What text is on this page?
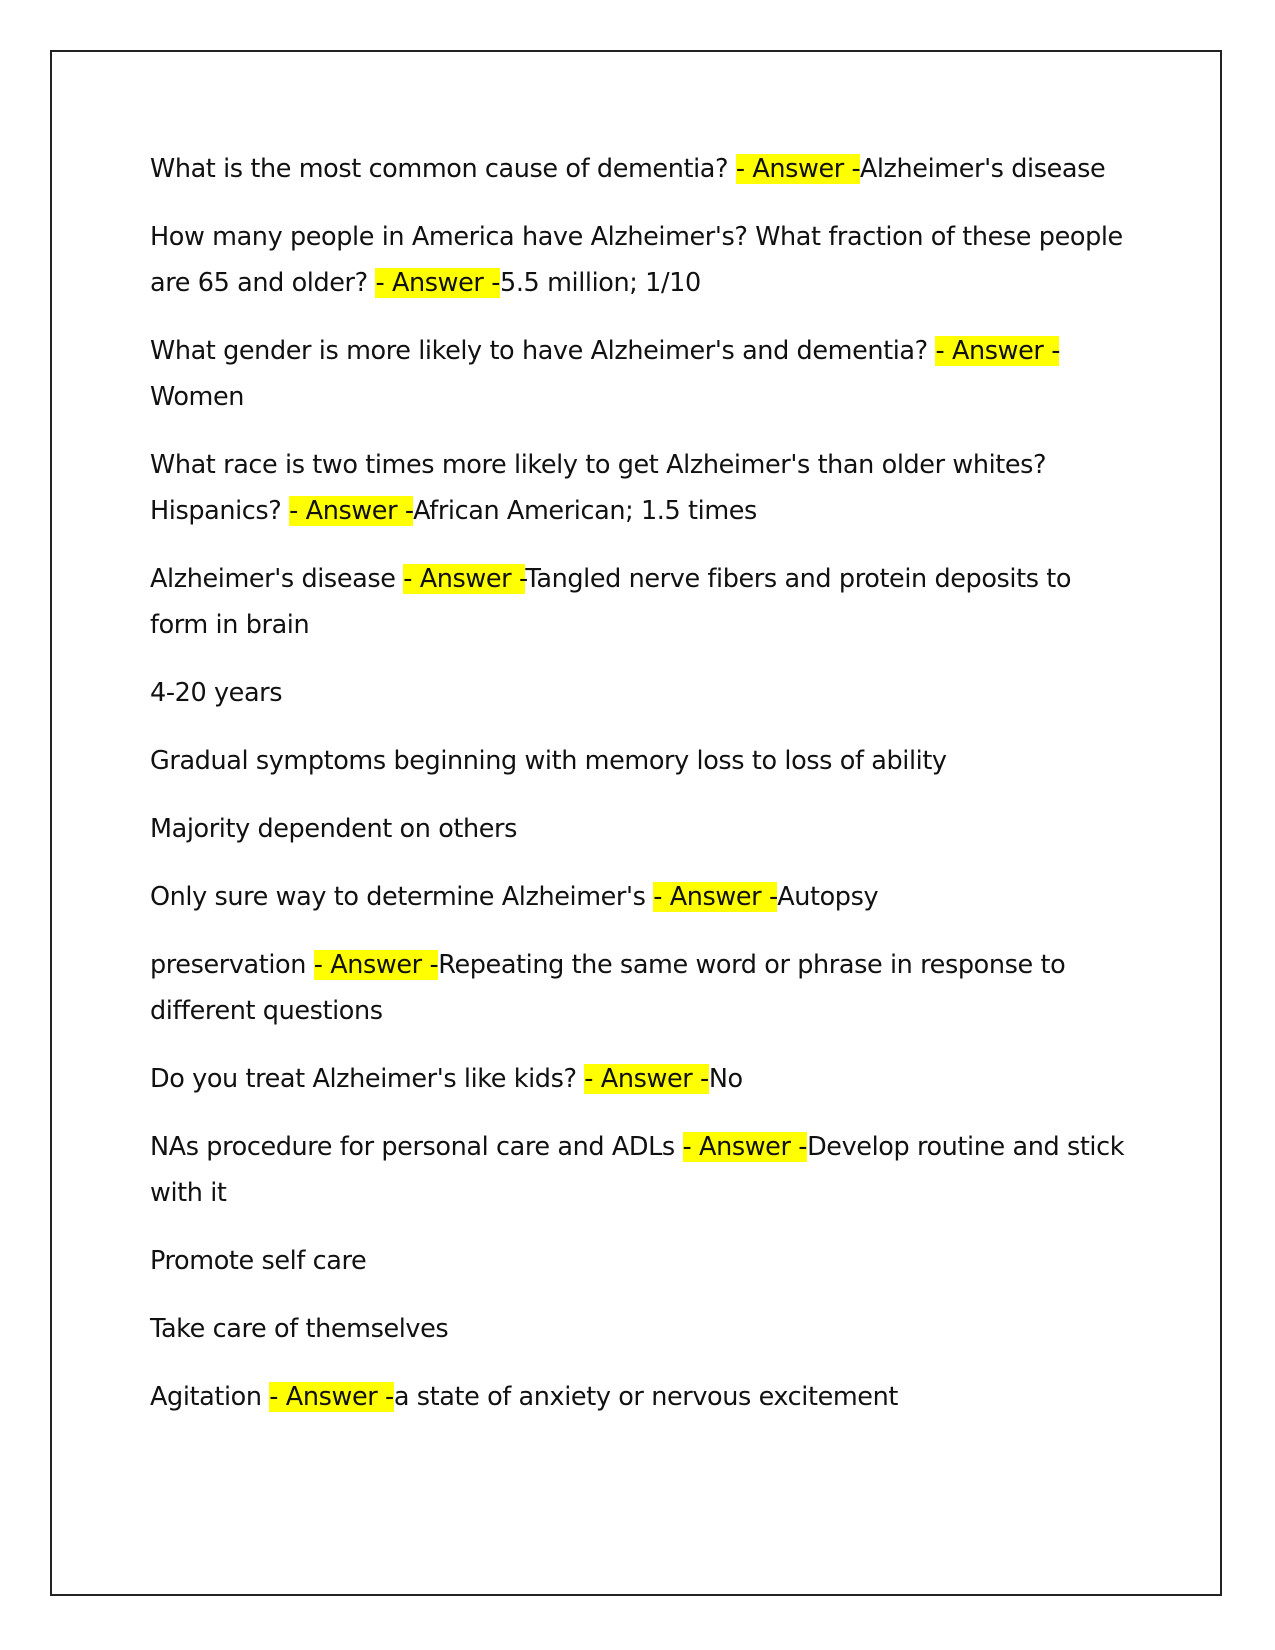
What is the most common cause of dementia? - Answer -Alzheimer's disease

How many people in America have Alzheimer's? What fraction of these people are 65 and older? - Answer -5.5 million; 1/10

What gender is more likely to have Alzheimer's and dementia? - Answer -Women

What race is two times more likely to get Alzheimer's than older whites? Hispanics? - Answer -African American; 1.5 times

Alzheimer's disease - Answer -Tangled nerve fibers and protein deposits to form in brain

4-20 years

Gradual symptoms beginning with memory loss to loss of ability

Majority dependent on others

Only sure way to determine Alzheimer's - Answer -Autopsy

preservation - Answer -Repeating the same word or phrase in response to different questions

Do you treat Alzheimer's like kids? - Answer -No

NAs procedure for personal care and ADLs - Answer -Develop routine and stick with it

Promote self care

Take care of themselves

Agitation - Answer -a state of anxiety or nervous excitement
